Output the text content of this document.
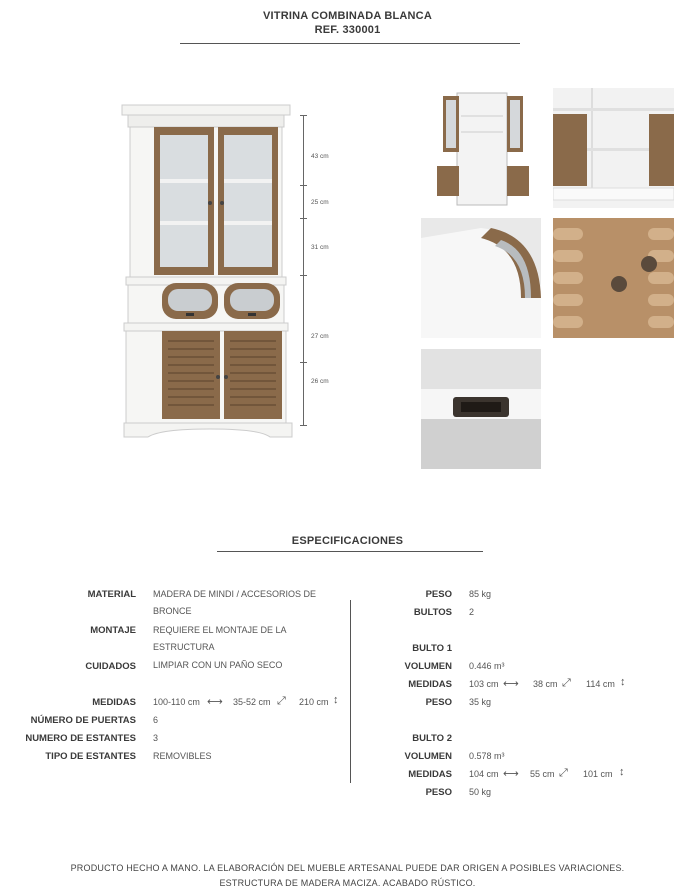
VITRINA COMBINADA BLANCA
REF. 330001
43 cm
25 cm
31 cm
27 cm
26 cm
ESPECIFICACIONES
MATERIAL MADERA DE MINDI / ACCESORIOS DE
BRONCE
MONTAJE REQUIERE EL MONTAJE DE LA
ESTRUCTURA
CUIDADOS LIMPIAR CON UN PAÑO SECO
MEDIDAS 100-110 cm ⟷ 35-52 cm ⤢ 210 cm ↕
NÚMERO DE PUERTAS 6
NUMERO DE ESTANTES 3
TIPO DE ESTANTES REMOVIBLES
PESO 85 kg
BULTOS 2
BULTO 1
VOLUMEN 0.446 m³
MEDIDAS 103 cm ⟷ 38 cm ⤢ 114 cm ↕
PESO 35 kg
BULTO 2
VOLUMEN 0.578 m³
MEDIDAS 104 cm ⟷ 55 cm ⤢ 101 cm ↕
PESO 50 kg
PRODUCTO HECHO A MANO. LA ELABORACIÓN DEL MUEBLE ARTESANAL PUEDE DAR ORIGEN A POSIBLES VARIACIONES.
ESTRUCTURA DE MADERA MACIZA. ACABADO RÚSTICO.
